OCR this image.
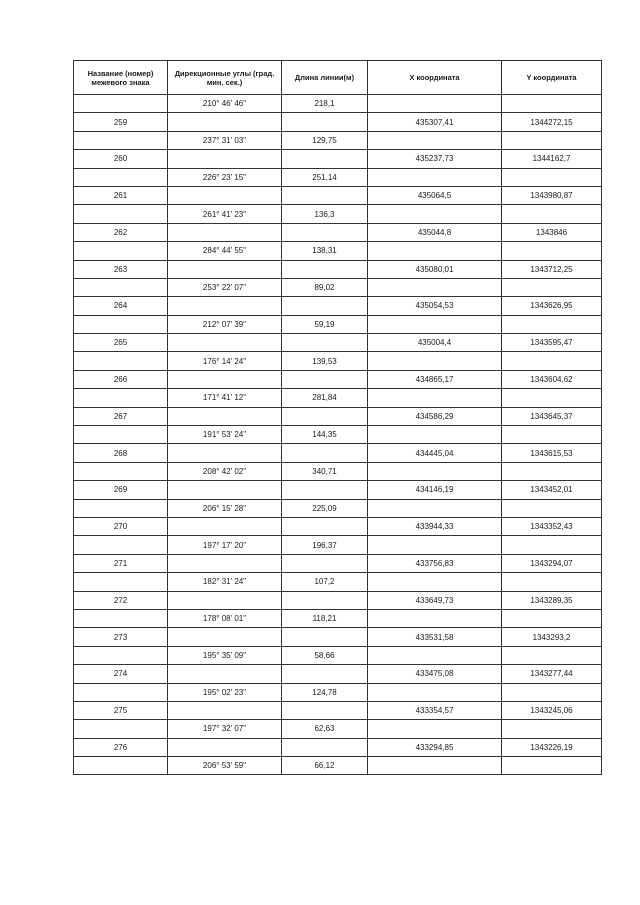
Название (номер) межевого знака	Дирекционные углы (град. мин. сек.)	Длина линии(м)	X координата	Y координата
	210° 46' 46"	218,1		
259			435307,41	1344272,15
	237° 31' 03"	129,75		
260			435237,73	1344162,7
	226° 23' 15"	251,14		
261			435064,5	1343980,87
	261° 41' 23"	136,3		
262			435044,8	1343846
	284° 44' 55"	138,31		
263			435080,01	1343712,25
	253° 22' 07"	89,02		
264			435054,53	1343626,95
	212° 07' 39"	59,19		
265			435004,4	1343595,47
	176° 14' 24"	139,53		
266			434865,17	1343604,62
	171° 41' 12"	281,84		
267			434586,29	1343645,37
	191° 53' 24"	144,35		
268			434445,04	1343615,53
	208° 42' 02"	340,71		
269			434146,19	1343452,01
	206° 15' 28"	225,09		
270			433944,33	1343352,43
	197° 17' 20"	196,37		
271			433756,83	1343294,07
	182° 31' 24"	107,2		
272			433649,73	1343289,35
	178° 08' 01"	118,21		
273			433531,58	1343293,2
	195° 35' 09"	58,66		
274			433475,08	1343277,44
	195° 02' 23"	124,78		
275			433354,57	1343245,06
	197° 32' 07"	62,63		
276			433294,85	1343226,19
	206° 53' 59"	66,12		
